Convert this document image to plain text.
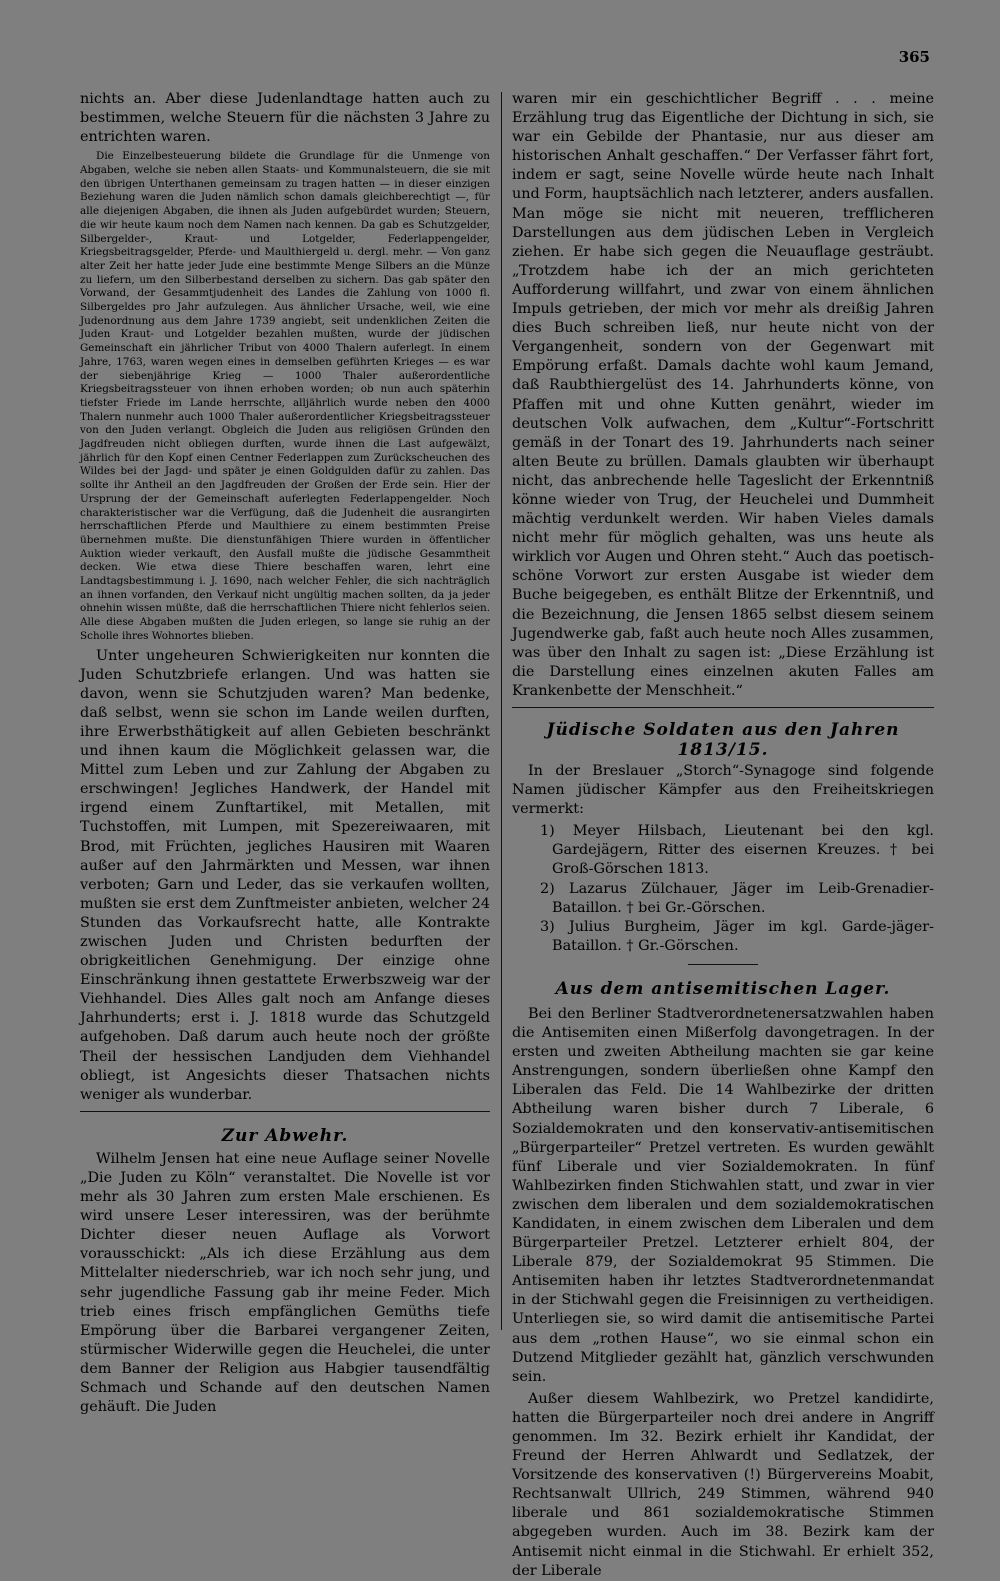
365

nichts an. Aber diese Judenlandtage hatten auch zu bestimmen, welche Steuern für die nächsten 3 Jahre zu entrichten waren.

Die Einzelbesteuerung bildete die Grundlage für die Unmenge von Abgaben, welche sie neben allen Staats- und Kommunalsteuern, die sie mit den übrigen Unterthanen gemeinsam zu tragen hatten — in dieser einzigen Beziehung waren die Juden nämlich schon damals gleichberechtigt —, für alle diejenigen Abgaben, die ihnen als Juden aufgebürdet wurden; Steuern, die wir heute kaum noch dem Namen nach kennen. Da gab es Schutzgelder, Silbergelder-, Kraut- und Lotgelder, Federlappengelder, Kriegsbeitragsgelder, Pferde- und Maulthiergeld u. dergl. mehr. — Von ganz alter Zeit her hatte jeder Jude eine bestimmte Menge Silbers an die Münze zu liefern, um den Silberbestand derselben zu sichern. Das gab später den Vorwand, der Gesammtjudenheit des Landes die Zahlung von 1000 fl. Silbergeldes pro Jahr aufzulegen. Aus ähnlicher Ursache, weil, wie eine Judenordnung aus dem Jahre 1739 angiebt, seit undenklichen Zeiten die Juden Kraut- und Lotgelder bezahlen mußten, wurde der jüdischen Gemeinschaft ein jährlicher Tribut von 4000 Thalern auferlegt. In einem Jahre, 1763, waren wegen eines in demselben geführten Krieges — es war der siebenjährige Krieg — 1000 Thaler außerordentliche Kriegsbeitragssteuer von ihnen erhoben worden; ob nun auch späterhin tiefster Friede im Lande herrschte, alljährlich wurde neben den 4000 Thalern nunmehr auch 1000 Thaler außerordentlicher Kriegsbeitragssteuer von den Juden verlangt. Obgleich die Juden aus religiösen Gründen den Jagdfreuden nicht obliegen durften, wurde ihnen die Last aufgewälzt, jährlich für den Kopf einen Centner Federlappen zum Zurückscheuchen des Wildes bei der Jagd- und später je einen Goldgulden dafür zu zahlen. Das sollte ihr Antheil an den Jagdfreuden der Großen der Erde sein. Hier der Ursprung der der Gemeinschaft auferlegten Federlappengelder. Noch charakteristischer war die Verfügung, daß die Judenheit die ausrangirten herrschaftlichen Pferde und Maulthiere zu einem bestimmten Preise übernehmen mußte. Die dienstunfähigen Thiere wurden in öffentlicher Auktion wieder verkauft, den Ausfall mußte die jüdische Gesammtheit decken. Wie etwa diese Thiere beschaffen waren, lehrt eine Landtagsbestimmung i. J. 1690, nach welcher Fehler, die sich nachträglich an ihnen vorfanden, den Verkauf nicht ungültig machen sollten, da ja jeder ohnehin wissen müßte, daß die herrschaftlichen Thiere nicht fehlerlos seien. Alle diese Abgaben mußten die Juden erlegen, so lange sie ruhig an der Scholle ihres Wohnortes blieben.

Unter ungeheuren Schwierigkeiten nur konnten die Juden Schutzbriefe erlangen. Und was hatten sie davon, wenn sie Schutzjuden waren? Man bedenke, daß selbst, wenn sie schon im Lande weilen durften, ihre Erwerbsthätigkeit auf allen Gebieten beschränkt und ihnen kaum die Möglichkeit gelassen war, die Mittel zum Leben und zur Zahlung der Abgaben zu erschwingen! Jegliches Handwerk, der Handel mit irgend einem Zunftartikel, mit Metallen, mit Tuchstoffen, mit Lumpen, mit Spezereiwaaren, mit Brod, mit Früchten, jegliches Hausiren mit Waaren außer auf den Jahrmärkten und Messen, war ihnen verboten; Garn und Leder, das sie verkaufen wollten, mußten sie erst dem Zunftmeister anbieten, welcher 24 Stunden das Vorkaufsrecht hatte, alle Kontrakte zwischen Juden und Christen bedurften der obrigkeitlichen Genehmigung. Der einzige ohne Einschränkung ihnen gestattete Erwerbszweig war der Viehhandel. Dies Alles galt noch am Anfange dieses Jahrhunderts; erst i. J. 1818 wurde das Schutzgeld aufgehoben. Daß darum auch heute noch der größte Theil der hessischen Landjuden dem Viehhandel obliegt, ist Angesichts dieser Thatsachen nichts weniger als wunderbar.

Zur Abwehr.

Wilhelm Jensen hat eine neue Auflage seiner Novelle „Die Juden zu Köln“ veranstaltet. Die Novelle ist vor mehr als 30 Jahren zum ersten Male erschienen. Es wird unsere Leser interessiren, was der berühmte Dichter dieser neuen Auflage als Vorwort vorausschickt: „Als ich diese Erzählung aus dem Mittelalter niederschrieb, war ich noch sehr jung, und sehr jugendliche Fassung gab ihr meine Feder. Mich trieb eines frisch empfänglichen Gemüths tiefe Empörung über die Barbarei vergangener Zeiten, stürmischer Widerwille gegen die Heuchelei, die unter dem Banner der Religion aus Habgier tausendfältig Schmach und Schande auf den deutschen Namen gehäuft. Die Juden

waren mir ein geschichtlicher Begriff . . . meine Erzählung trug das Eigentliche der Dichtung in sich, sie war ein Gebilde der Phantasie, nur aus dieser am historischen Anhalt geschaffen.“ Der Verfasser fährt fort, indem er sagt, seine Novelle würde heute nach Inhalt und Form, hauptsächlich nach letzterer, anders ausfallen. Man möge sie nicht mit neueren, trefflicheren Darstellungen aus dem jüdischen Leben in Vergleich ziehen. Er habe sich gegen die Neuauflage gesträubt. „Trotzdem habe ich der an mich gerichteten Aufforderung willfahrt, und zwar von einem ähnlichen Impuls getrieben, der mich vor mehr als dreißig Jahren dies Buch schreiben ließ, nur heute nicht von der Vergangenheit, sondern von der Gegenwart mit Empörung erfaßt. Damals dachte wohl kaum Jemand, daß Raubthiergelüst des 14. Jahrhunderts könne, von Pfaffen mit und ohne Kutten genährt, wieder im deutschen Volk aufwachen, dem „Kultur“-Fortschritt gemäß in der Tonart des 19. Jahrhunderts nach seiner alten Beute zu brüllen. Damals glaubten wir überhaupt nicht, das anbrechende helle Tageslicht der Erkenntniß könne wieder von Trug, der Heuchelei und Dummheit mächtig verdunkelt werden. Wir haben Vieles damals nicht mehr für möglich gehalten, was uns heute als wirklich vor Augen und Ohren steht.“ Auch das poetisch-schöne Vorwort zur ersten Ausgabe ist wieder dem Buche beigegeben, es enthält Blitze der Erkenntniß, und die Bezeichnung, die Jensen 1865 selbst diesem seinem Jugendwerke gab, faßt auch heute noch Alles zusammen, was über den Inhalt zu sagen ist: „Diese Erzählung ist die Darstellung eines einzelnen akuten Falles am Krankenbette der Menschheit.“

Jüdische Soldaten aus den Jahren 1813/15.

In der Breslauer „Storch“-Synagoge sind folgende Namen jüdischer Kämpfer aus den Freiheitskriegen vermerkt:

1) Meyer Hilsbach, Lieutenant bei den kgl. Gardejägern, Ritter des eisernen Kreuzes. † bei Groß-Görschen 1813.

2) Lazarus Zülchauer, Jäger im Leib-Grenadier-Bataillon. † bei Gr.-Görschen.

3) Julius Burgheim, Jäger im kgl. Garde-jäger-Bataillon. † Gr.-Görschen.

Aus dem antisemitischen Lager.

Bei den Berliner Stadtverordnetenersatzwahlen haben die Antisemiten einen Mißerfolg davongetragen. In der ersten und zweiten Abtheilung machten sie gar keine Anstrengungen, sondern überließen ohne Kampf den Liberalen das Feld. Die 14 Wahlbezirke der dritten Abtheilung waren bisher durch 7 Liberale, 6 Sozialdemokraten und den konservativ-antisemitischen „Bürgerparteiler“ Pretzel vertreten. Es wurden gewählt fünf Liberale und vier Sozialdemokraten. In fünf Wahlbezirken finden Stichwahlen statt, und zwar in vier zwischen dem liberalen und dem sozialdemokratischen Kandidaten, in einem zwischen dem Liberalen und dem Bürgerparteiler Pretzel. Letzterer erhielt 804, der Liberale 879, der Sozialdemokrat 95 Stimmen. Die Antisemiten haben ihr letztes Stadtverordnetenmandat in der Stichwahl gegen die Freisinnigen zu vertheidigen. Unterliegen sie, so wird damit die antisemitische Partei aus dem „rothen Hause“, wo sie einmal schon ein Dutzend Mitglieder gezählt hat, gänzlich verschwunden sein.

Außer diesem Wahlbezirk, wo Pretzel kandidirte, hatten die Bürgerparteiler noch drei andere in Angriff genommen. Im 32. Bezirk erhielt ihr Kandidat, der Freund der Herren Ahlwardt und Sedlatzek, der Vorsitzende des konservativen (!) Bürgervereins Moabit, Rechtsanwalt Ullrich, 249 Stimmen, während 940 liberale und 861 sozialdemokratische Stimmen abgegeben wurden. Auch im 38. Bezirk kam der Antisemit nicht einmal in die Stichwahl. Er erhielt 352, der Liberale
